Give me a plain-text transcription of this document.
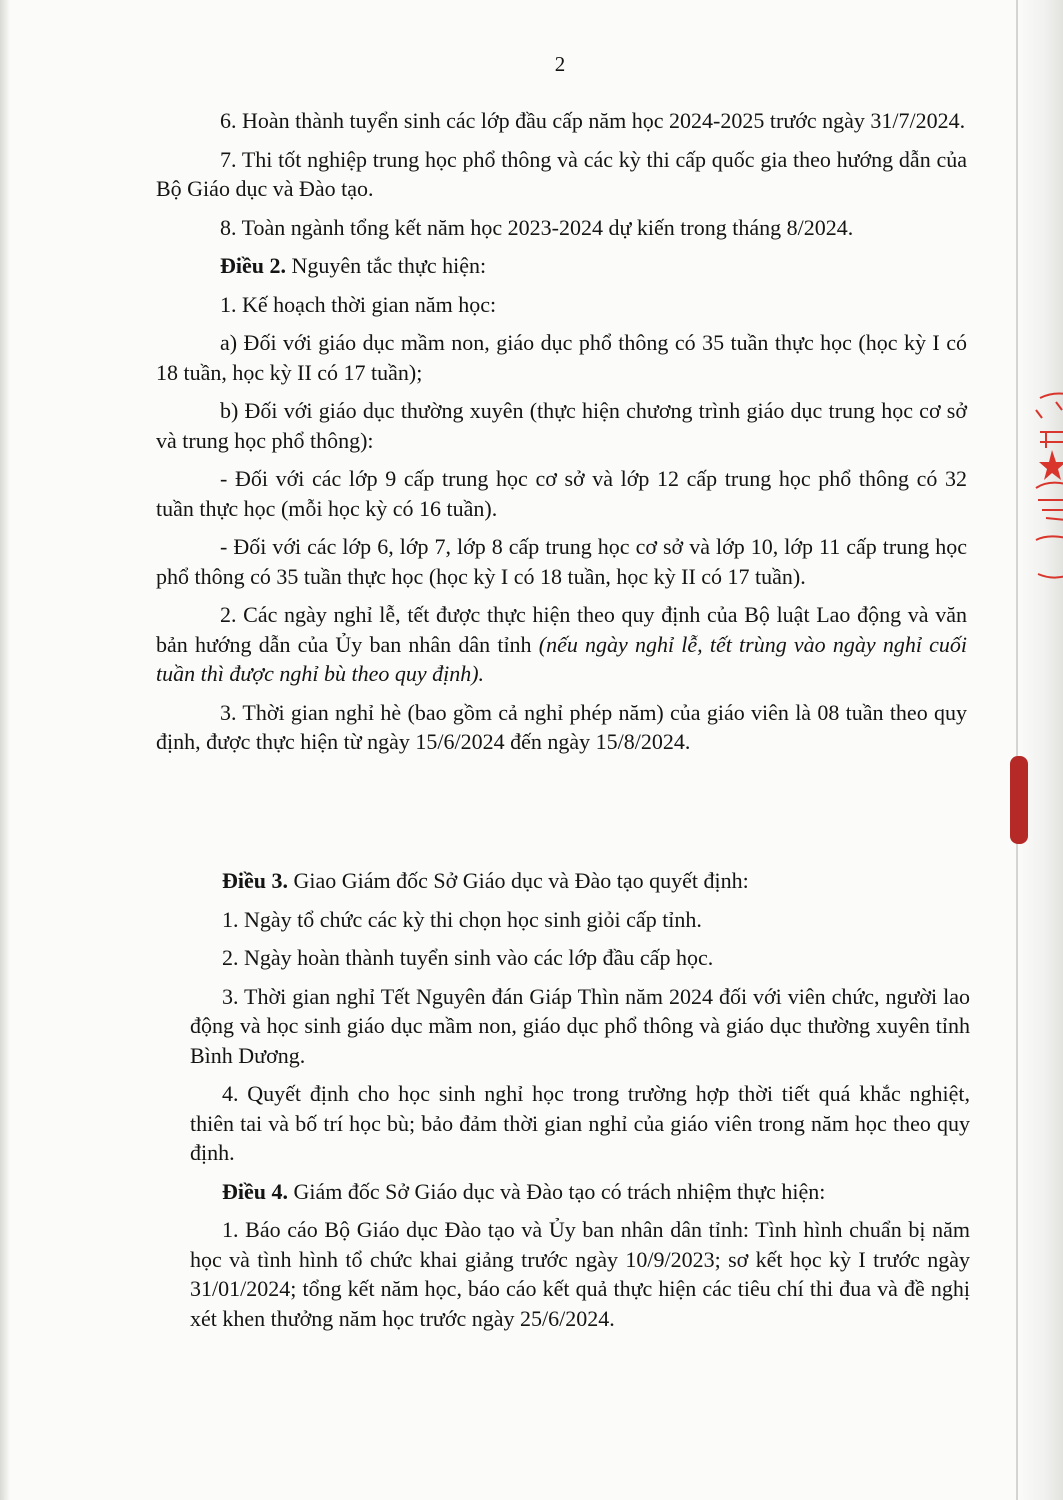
2

6. Hoàn thành tuyển sinh các lớp đầu cấp năm học 2024-2025 trước ngày 31/7/2024.

7. Thi tốt nghiệp trung học phổ thông và các kỳ thi cấp quốc gia theo hướng dẫn của Bộ Giáo dục và Đào tạo.

8. Toàn ngành tổng kết năm học 2023-2024 dự kiến trong tháng 8/2024.

Điều 2. Nguyên tắc thực hiện:

1. Kế hoạch thời gian năm học:

a) Đối với giáo dục mầm non, giáo dục phổ thông có 35 tuần thực học (học kỳ I có 18 tuần, học kỳ II có 17 tuần);

b) Đối với giáo dục thường xuyên (thực hiện chương trình giáo dục trung học cơ sở và trung học phổ thông):

- Đối với các lớp 9 cấp trung học cơ sở và lớp 12 cấp trung học phổ thông có 32 tuần thực học (mỗi học kỳ có 16 tuần).

- Đối với các lớp 6, lớp 7, lớp 8 cấp trung học cơ sở và lớp 10, lớp 11 cấp trung học phổ thông có 35 tuần thực học (học kỳ I có 18 tuần, học kỳ II có 17 tuần).

2. Các ngày nghỉ lễ, tết được thực hiện theo quy định của Bộ luật Lao động và văn bản hướng dẫn của Ủy ban nhân dân tỉnh (nếu ngày nghỉ lễ, tết trùng vào ngày nghỉ cuối tuần thì được nghỉ bù theo quy định).

3. Thời gian nghỉ hè (bao gồm cả nghỉ phép năm) của giáo viên là 08 tuần theo quy định, được thực hiện từ ngày 15/6/2024 đến ngày 15/8/2024.

Điều 3. Giao Giám đốc Sở Giáo dục và Đào tạo quyết định:

1. Ngày tổ chức các kỳ thi chọn học sinh giỏi cấp tỉnh.

2. Ngày hoàn thành tuyển sinh vào các lớp đầu cấp học.

3. Thời gian nghỉ Tết Nguyên đán Giáp Thìn năm 2024 đối với viên chức, người lao động và học sinh giáo dục mầm non, giáo dục phổ thông và giáo dục thường xuyên tỉnh Bình Dương.

4. Quyết định cho học sinh nghỉ học trong trường hợp thời tiết quá khắc nghiệt, thiên tai và bố trí học bù; bảo đảm thời gian nghỉ của giáo viên trong năm học theo quy định.

Điều 4. Giám đốc Sở Giáo dục và Đào tạo có trách nhiệm thực hiện:

1. Báo cáo Bộ Giáo dục Đào tạo và Ủy ban nhân dân tỉnh: Tình hình chuẩn bị năm học và tình hình tổ chức khai giảng trước ngày 10/9/2023; sơ kết học kỳ I trước ngày 31/01/2024; tổng kết năm học, báo cáo kết quả thực hiện các tiêu chí thi đua và đề nghị xét khen thưởng năm học trước ngày 25/6/2024.
